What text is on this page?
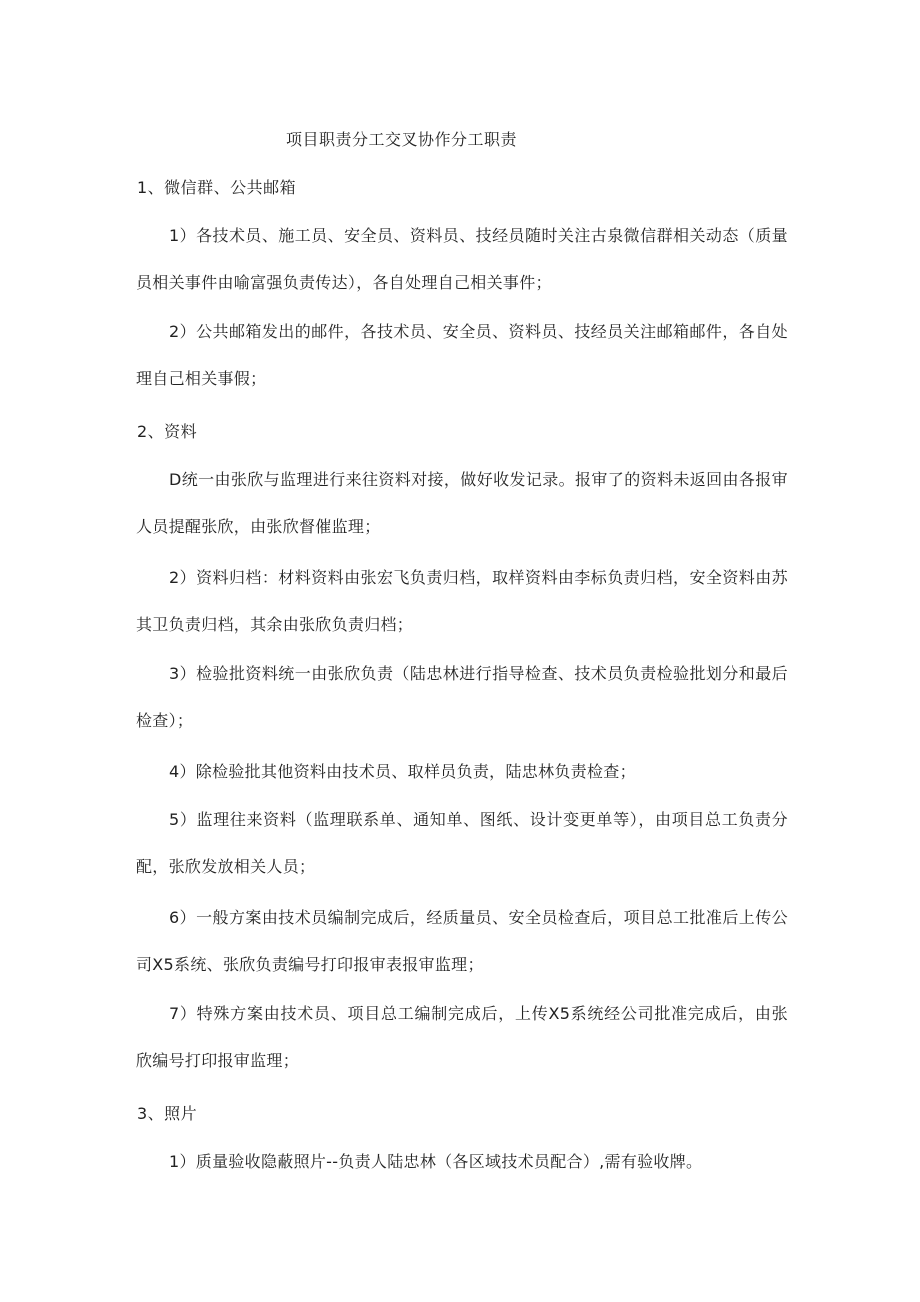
项目职责分工交叉协作分工职责
1、微信群、公共邮箱
1）各技术员、施工员、安全员、资料员、技经员随时关注古泉微信群相关动态（质量员相关事件由喻富强负责传达），各自处理自己相关事件；
2）公共邮箱发出的邮件，各技术员、安全员、资料员、技经员关注邮箱邮件，各自处理自己相关事假；
2、资料
D统一由张欣与监理进行来往资料对接，做好收发记录。报审了的资料未返回由各报审人员提醒张欣，由张欣督催监理；
2）资料归档：材料资料由张宏飞负责归档，取样资料由李标负责归档，安全资料由苏其卫负责归档，其余由张欣负责归档；
3）检验批资料统一由张欣负责（陆忠林进行指导检查、技术员负责检验批划分和最后检查）；
4）除检验批其他资料由技术员、取样员负责，陆忠林负责检查；
5）监理往来资料（监理联系单、通知单、图纸、设计变更单等），由项目总工负责分配，张欣发放相关人员；
6）一般方案由技术员编制完成后，经质量员、安全员检查后，项目总工批准后上传公司X5系统、张欣负责编号打印报审表报审监理；
7）特殊方案由技术员、项目总工编制完成后，上传X5系统经公司批准完成后，由张欣编号打印报审监理；
3、照片
1）质量验收隐蔽照片--负责人陆忠林（各区域技术员配合）,需有验收牌。
